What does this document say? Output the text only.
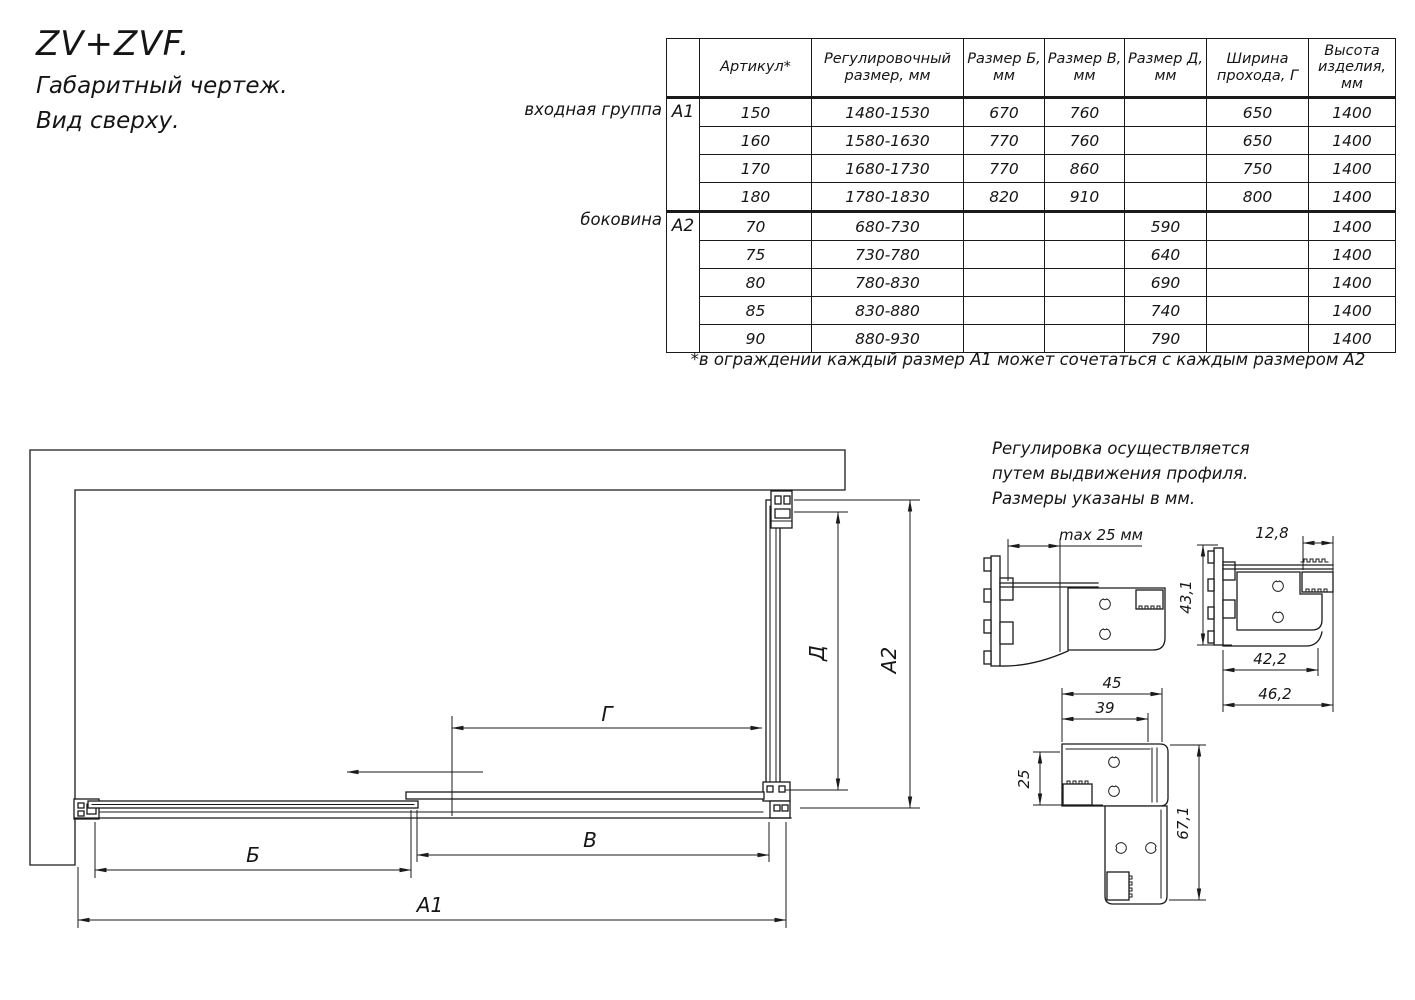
ZV+ZVF.
Габаритный чертеж.
Вид сверху.	входная группа
боковина
	Артикул*	Регулировочный размер, мм	Размер Б, мм	Размер В, мм	Размер Д, мм	Ширина прохода, Г	Высота изделия, мм
А1	150	1480-1530	670	760		650	1400
	160	1580-1630	770	760		650	1400
	170	1680-1730	770	860		750	1400
	180	1780-1830	820	910		800	1400
А2	70	680-730			590		1400
	75	730-780			640		1400
	80	780-830			690		1400
	85	830-880			740		1400
	90	880-930			790		1400
*в ограждении каждый размер А1 может сочетаться с каждым размером А2
Регулировка осуществляется
путем выдвижения профиля.
Размеры указаны в мм.
Г
Д А2
Б
В
А1
max 25 мм
43,1
12,8
42,2
46,2
45
39
25
67,1
